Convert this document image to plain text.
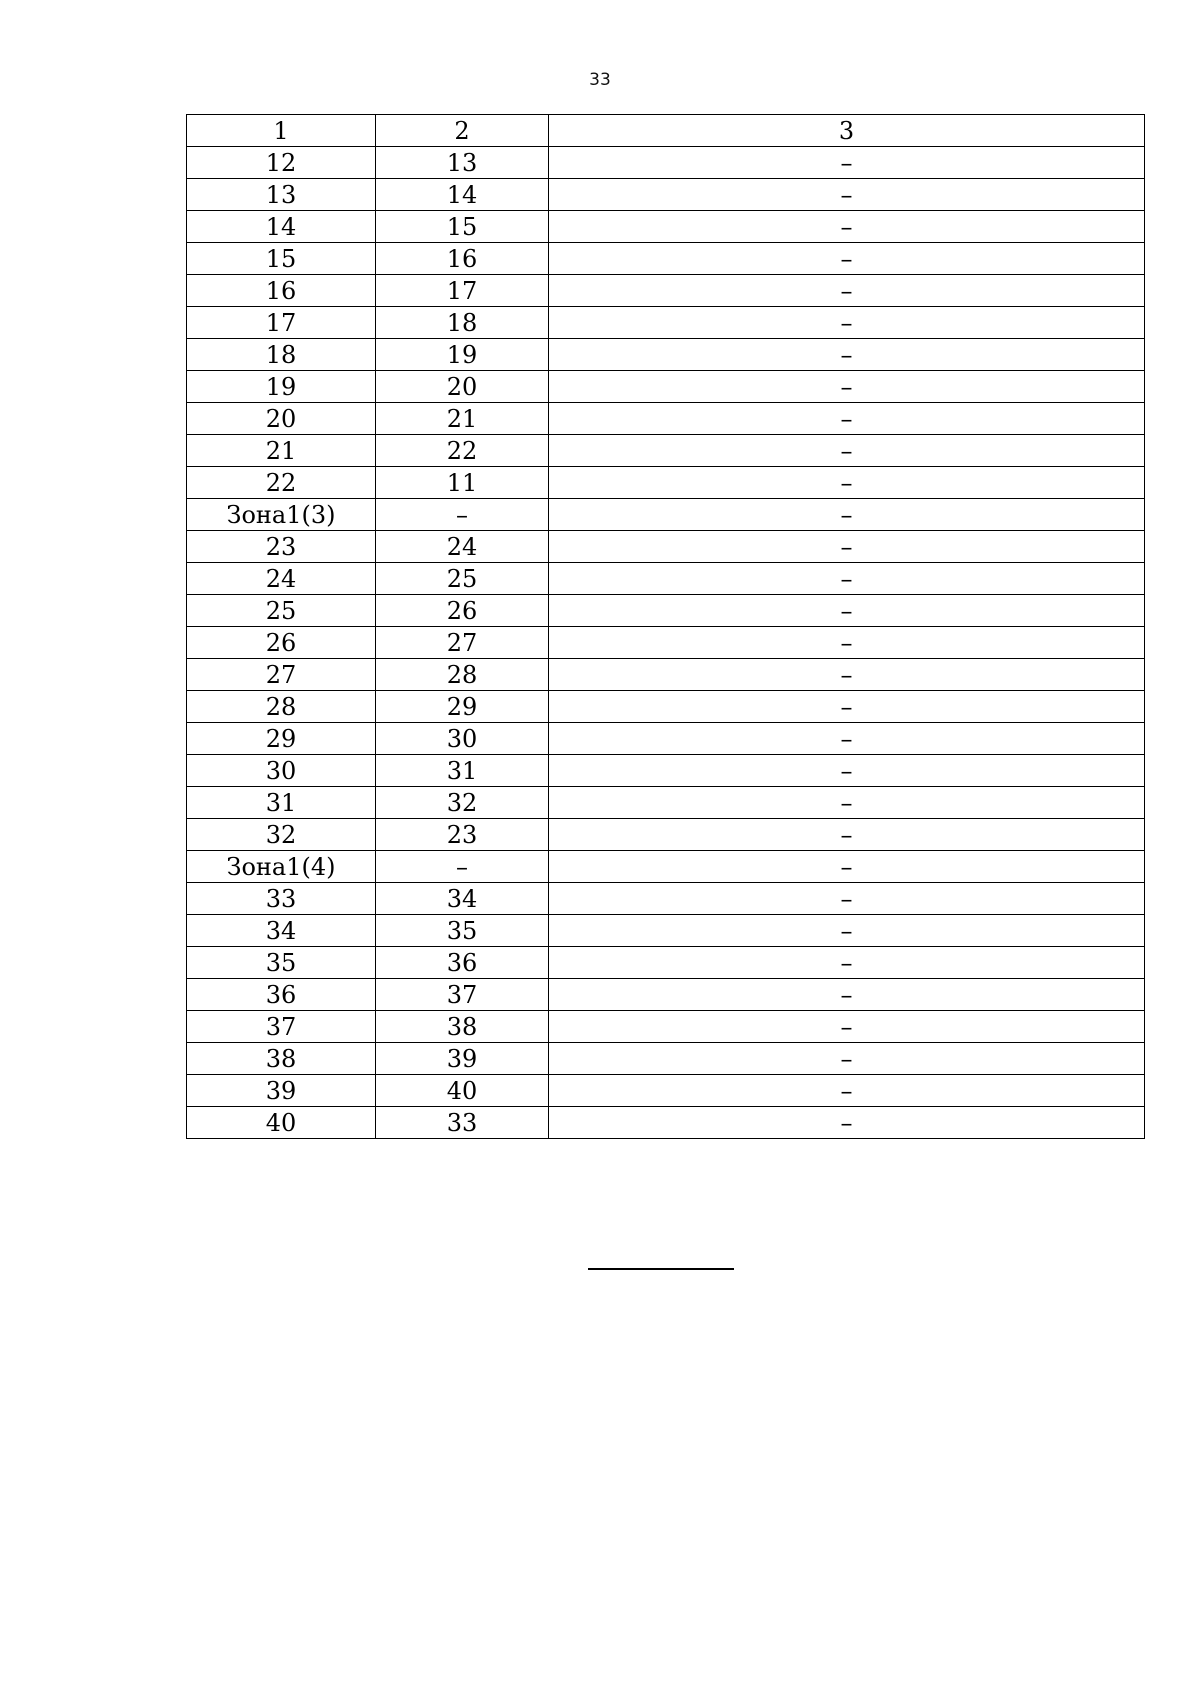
33
1	2	3
12	13	–
13	14	–
14	15	–
15	16	–
16	17	–
17	18	–
18	19	–
19	20	–
20	21	–
21	22	–
22	11	–
Зона1(3)	–	–
23	24	–
24	25	–
25	26	–
26	27	–
27	28	–
28	29	–
29	30	–
30	31	–
31	32	–
32	23	–
Зона1(4)	–	–
33	34	–
34	35	–
35	36	–
36	37	–
37	38	–
38	39	–
39	40	–
40	33	–
